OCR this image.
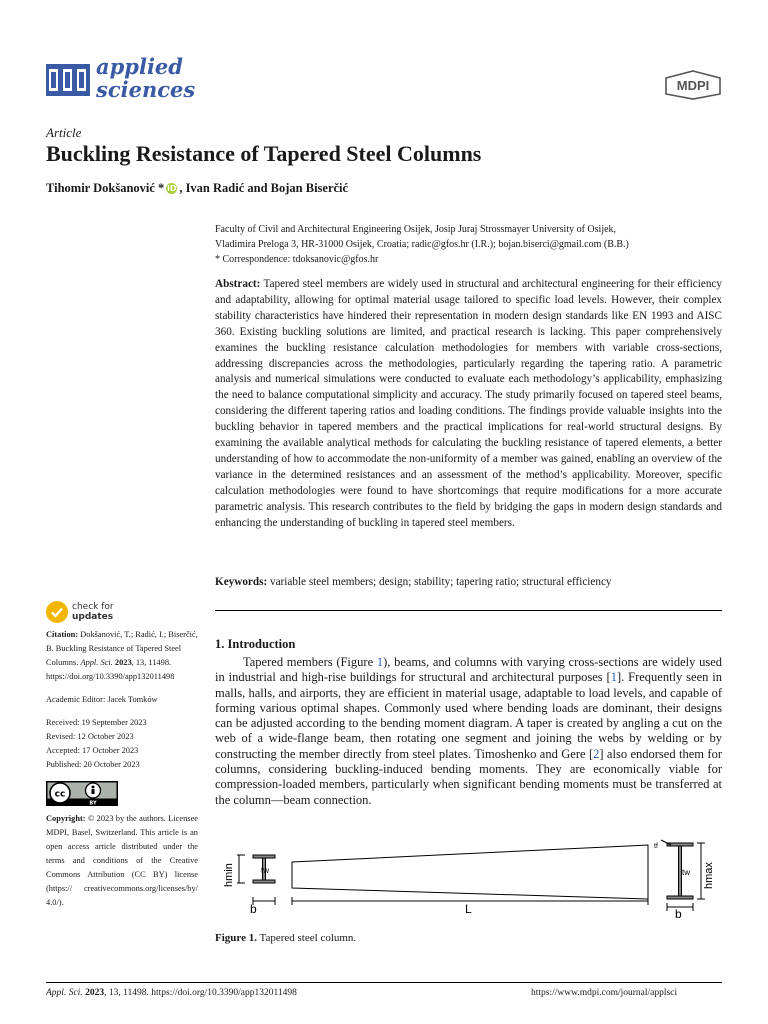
applied
sciences	MDPI
Article
Buckling Resistance of Tapered Steel Columns
Tihomir Dokšanović * iD , Ivan Radić and Bojan Biserčić
Faculty of Civil and Architectural Engineering Osijek, Josip Juraj Strossmayer University of Osijek,
Vladimira Preloga 3, HR-31000 Osijek, Croatia; radic@gfos.hr (I.R.); bojan.biserci@gmail.com (B.B.)
* Correspondence: tdoksanovic@gfos.hr
Abstract: Tapered steel members are widely used in structural and architectural engineering for their efficiency and adaptability, allowing for optimal material usage tailored to specific load levels. However, their complex stability characteristics have hindered their representation in modern design standards like EN 1993 and AISC 360. Existing buckling solutions are limited, and practical research is lacking. This paper comprehensively examines the buckling resistance calculation methodologies for members with variable cross-sections, addressing discrepancies across the methodologies, particularly regarding the tapering ratio. A parametric analysis and numerical simulations were conducted to evaluate each methodology’s applicability, emphasizing the need to balance computational simplicity and accuracy. The study primarily focused on tapered steel beams, considering the different tapering ratios and loading conditions. The findings provide valuable insights into the buckling behavior in tapered members and the practical implications for real-world structural designs. By examining the available analytical methods for calculating the buckling resistance of tapered elements, a better understanding of how to accommodate the non-uniformity of a member was gained, enabling an overview of the variance in the determined resistances and an assessment of the method’s applicability. Moreover, specific calculation methodologies were found to have shortcomings that require modifications for a more accurate parametric analysis. This research contributes to the field by bridging the gaps in modern design standards and enhancing the understanding of buckling in tapered steel members.
Keywords: variable steel members; design; stability; tapering ratio; structural efficiency
check for
updates

Citation: Dokšanović, T.; Radić, I.; Biserčić, B. Buckling Resistance of Tapered Steel Columns. Appl. Sci. 2023, 13, 11498. https://doi.org/10.3390/app132011498

Academic Editor: Jacek Tomków

Received: 19 September 2023
Revised: 12 October 2023
Accepted: 17 October 2023
Published: 20 October 2023

cc
BY

Copyright: © 2023 by the authors. Licensee MDPI, Basel, Switzerland. This article is an open access article distributed under the terms and conditions of the Creative Commons Attribution (CC BY) license (https:// creativecommons.org/licenses/by/ 4.0/).

1. Introduction

Tapered members (Figure 1), beams, and columns with varying cross-sections are widely used in industrial and high-rise buildings for structural and architectural purposes [1]. Frequently seen in malls, halls, and airports, they are efficient in material usage, adaptable to load levels, and capable of forming various optimal shapes. Commonly used where bending loads are dominant, their designs can be adjusted according to the bending moment diagram. A taper is created by angling a cut on the web of a wide-flange beam, then rotating one segment and joining the webs by welding or by constructing the member directly from steel plates. Timoshenko and Gere [2] also endorsed them for columns, considering buckling-induced bending moments. They are economically viable for compression-loaded members, particularly when significant bending moments must be transferred at the column—beam connection.

hmin	tw
b	L
tf
hmax
tw
b
Figure 1. Tapered steel column.
Appl. Sci. 2023, 13, 11498. https://doi.org/10.3390/app132011498	https://www.mdpi.com/journal/applsci
